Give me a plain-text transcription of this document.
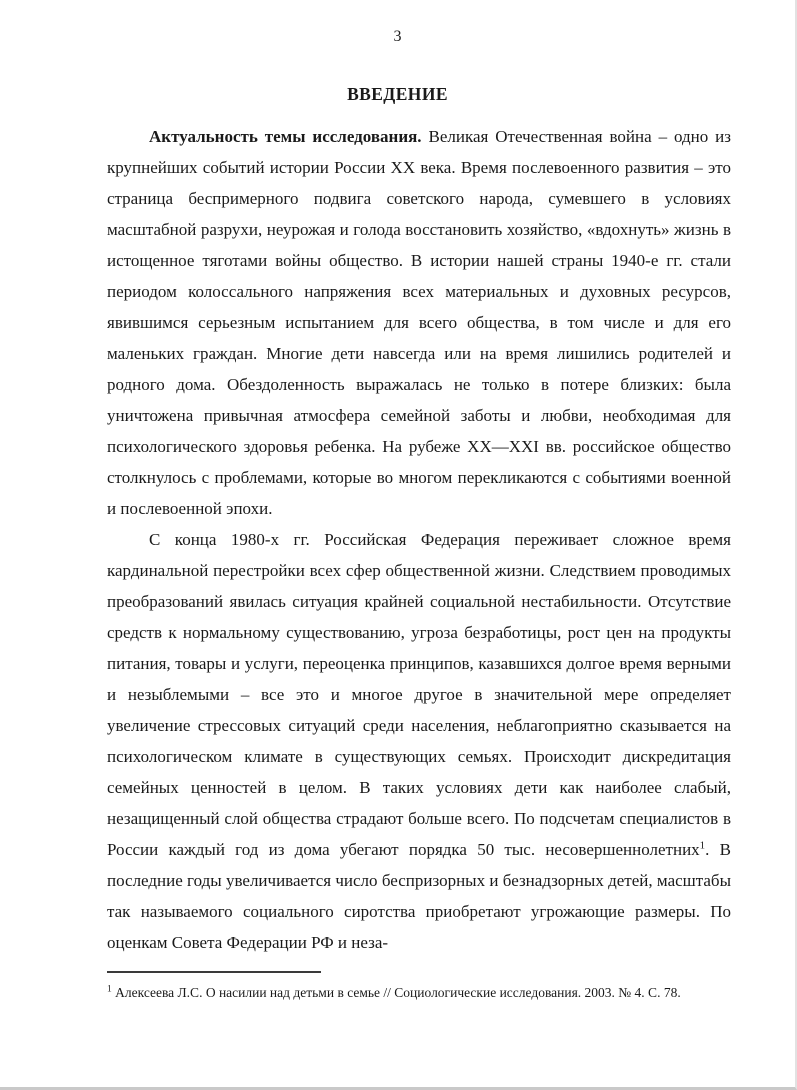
3
ВВЕДЕНИЕ

Актуальность темы исследования. Великая Отечественная война – одно из крупнейших событий истории России XX века. Время послевоенного развития – это страница беспримерного подвига советского народа, сумевшего в условиях масштабной разрухи, неурожая и голода восстановить хозяйство, «вдохнуть» жизнь в истощенное тяготами войны общество. В истории нашей страны 1940-е гг. стали периодом колоссального напряжения всех материальных и духовных ресурсов, явившимся серьезным испытанием для всего общества, в том числе и для его маленьких граждан. Многие дети навсегда или на время лишились родителей и родного дома. Обездоленность выражалась не только в потере близких: была уничтожена привычная атмосфера семейной заботы и любви, необходимая для психологического здоровья ребенка. На рубеже XX—XXI вв. российское общество столкнулось с проблемами, которые во многом перекликаются с событиями военной и послевоенной эпохи.

С конца 1980-х гг. Российская Федерация переживает сложное время кардинальной перестройки всех сфер общественной жизни. Следствием проводимых преобразований явилась ситуация крайней социальной нестабильности. Отсутствие средств к нормальному существованию, угроза безработицы, рост цен на продукты питания, товары и услуги, переоценка принципов, казавшихся долгое время верными и незыблемыми – все это и многое другое в значительной мере определяет увеличение стрессовых ситуаций среди населения, неблагоприятно сказывается на психологическом климате в существующих семьях. Происходит дискредитация семейных ценностей в целом. В таких условиях дети как наиболее слабый, незащищенный слой общества страдают больше всего. По подсчетам специалистов в России каждый год из дома убегают порядка 50 тыс. несовершеннолетних$^1$. В последние годы увеличивается число беспризорных и безнадзорных детей, масштабы так называемого социального сиротства приобретают угрожающие размеры. По оценкам Совета Федерации РФ и неза-

$^1$ Алексеева Л.С. О насилии над детьми в семье // Социологические исследования. 2003. № 4. С. 78.
